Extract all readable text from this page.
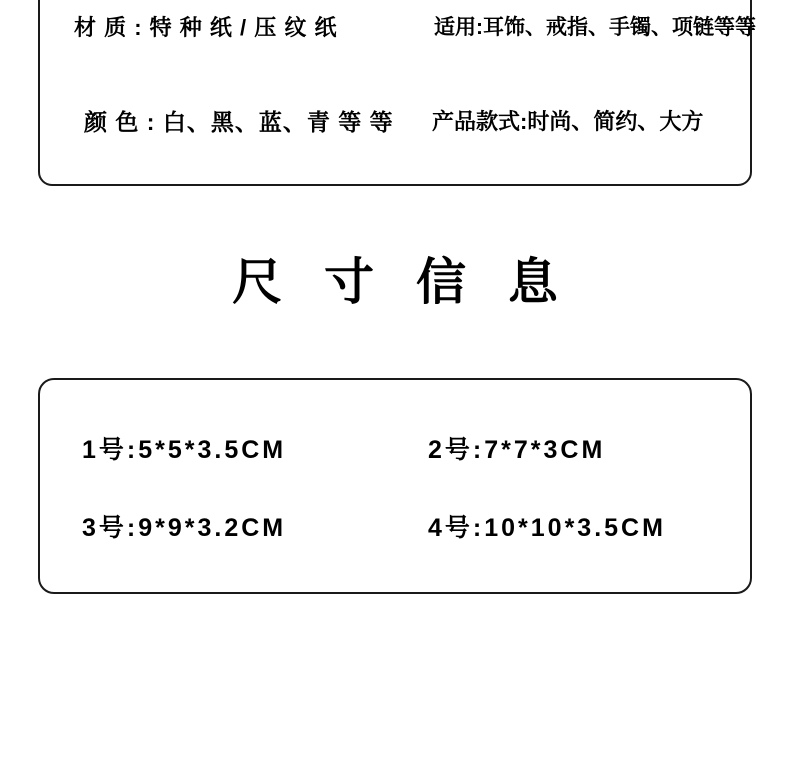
材 质 : 特 种 纸 / 压 纹 纸	适用:耳饰、戒指、手镯、项链等等
颜 色 : 白、黑、蓝、青 等 等 产品款式:时尚、简约、大方
尺 寸 信 息
1号:5*5*3.5CM	2号:7*7*3CM
3号:9*9*3.2CM	4号:10*10*3.5CM
